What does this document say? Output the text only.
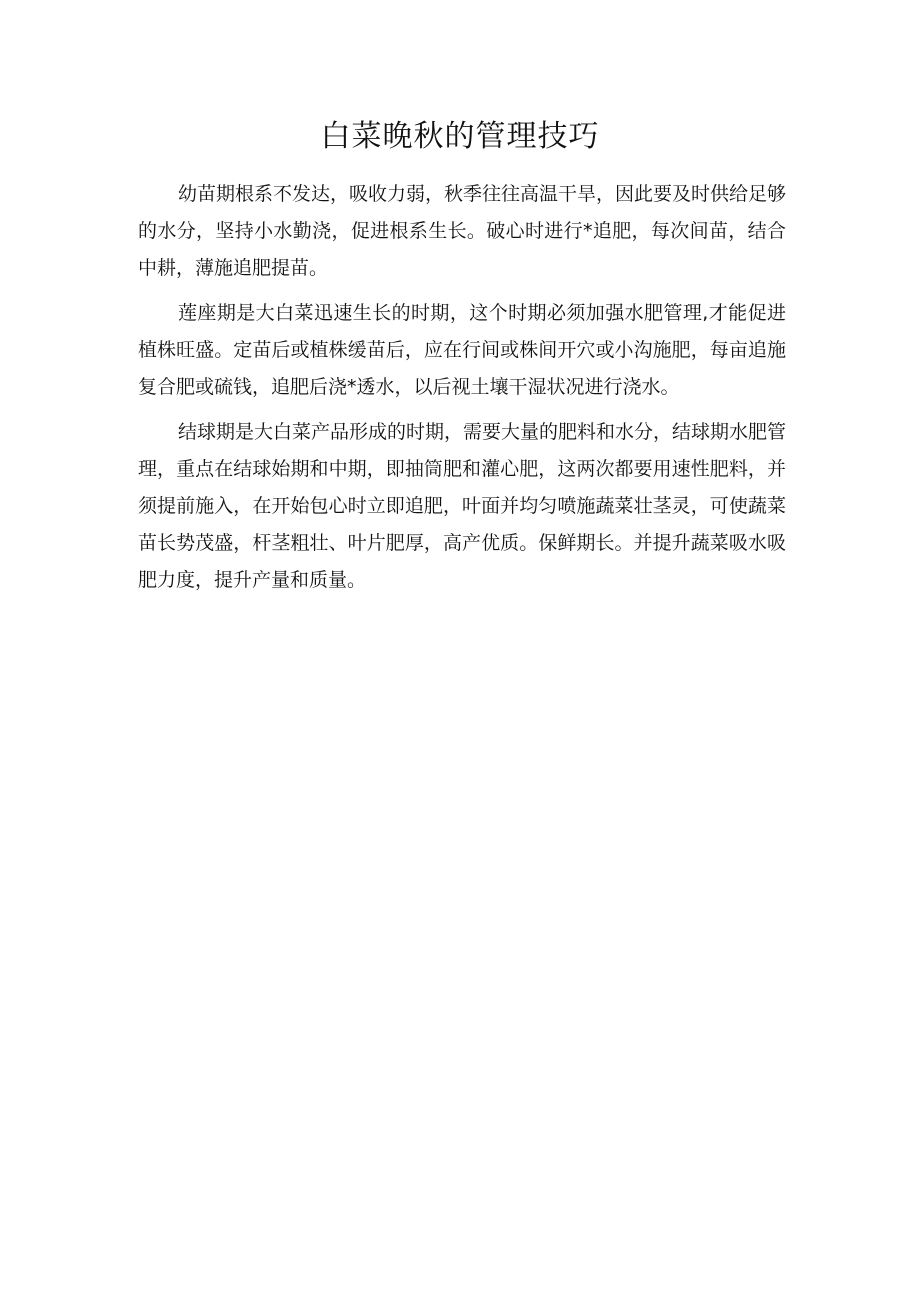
白菜晚秋的管理技巧

幼苗期根系不发达，吸收力弱，秋季往往高温干旱，因此要及时供给足够的水分，坚持小水勤浇，促进根系生长。破心时进行*追肥，每次间苗，结合中耕，薄施追肥提苗。

莲座期是大白菜迅速生长的时期，这个时期必须加强水肥管理,才能促进植株旺盛。定苗后或植株缓苗后，应在行间或株间开穴或小沟施肥，每亩追施复合肥或硫钱，追肥后浇*透水，以后视土壤干湿状况进行浇水。

结球期是大白菜产品形成的时期，需要大量的肥料和水分，结球期水肥管理，重点在结球始期和中期，即抽筒肥和灌心肥，这两次都要用速性肥料，并须提前施入，在开始包心时立即追肥，叶面并均匀喷施蔬菜壮茎灵，可使蔬菜苗长势茂盛，杆茎粗壮、叶片肥厚，高产优质。保鲜期长。并提升蔬菜吸水吸肥力度，提升产量和质量。
